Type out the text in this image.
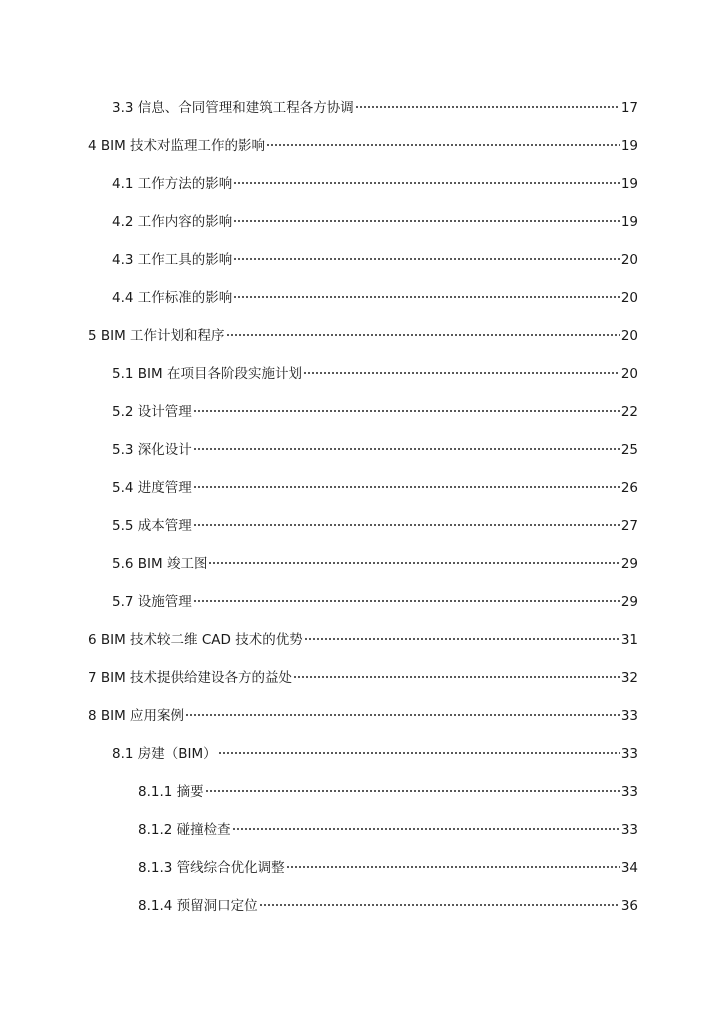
3.3 信息、合同管理和建筑工程各方协调	17
4 BIM 技术对监理工作的影响	19
4.1 工作方法的影响	19
4.2 工作内容的影响	19
4.3 工作工具的影响	20
4.4 工作标准的影响	20
5 BIM 工作计划和程序	20
5.1 BIM 在项目各阶段实施计划	20
5.2 设计管理	22
5.3 深化设计	25
5.4 进度管理	26
5.5 成本管理	27
5.6 BIM 竣工图	29
5.7 设施管理	29
6 BIM 技术较二维 CAD 技术的优势	31
7 BIM 技术提供给建设各方的益处	32
8 BIM 应用案例	33
8.1 房建（BIM）	33
8.1.1 摘要	33
8.1.2 碰撞检查	33
8.1.3 管线综合优化调整	34
8.1.4 预留洞口定位	36
